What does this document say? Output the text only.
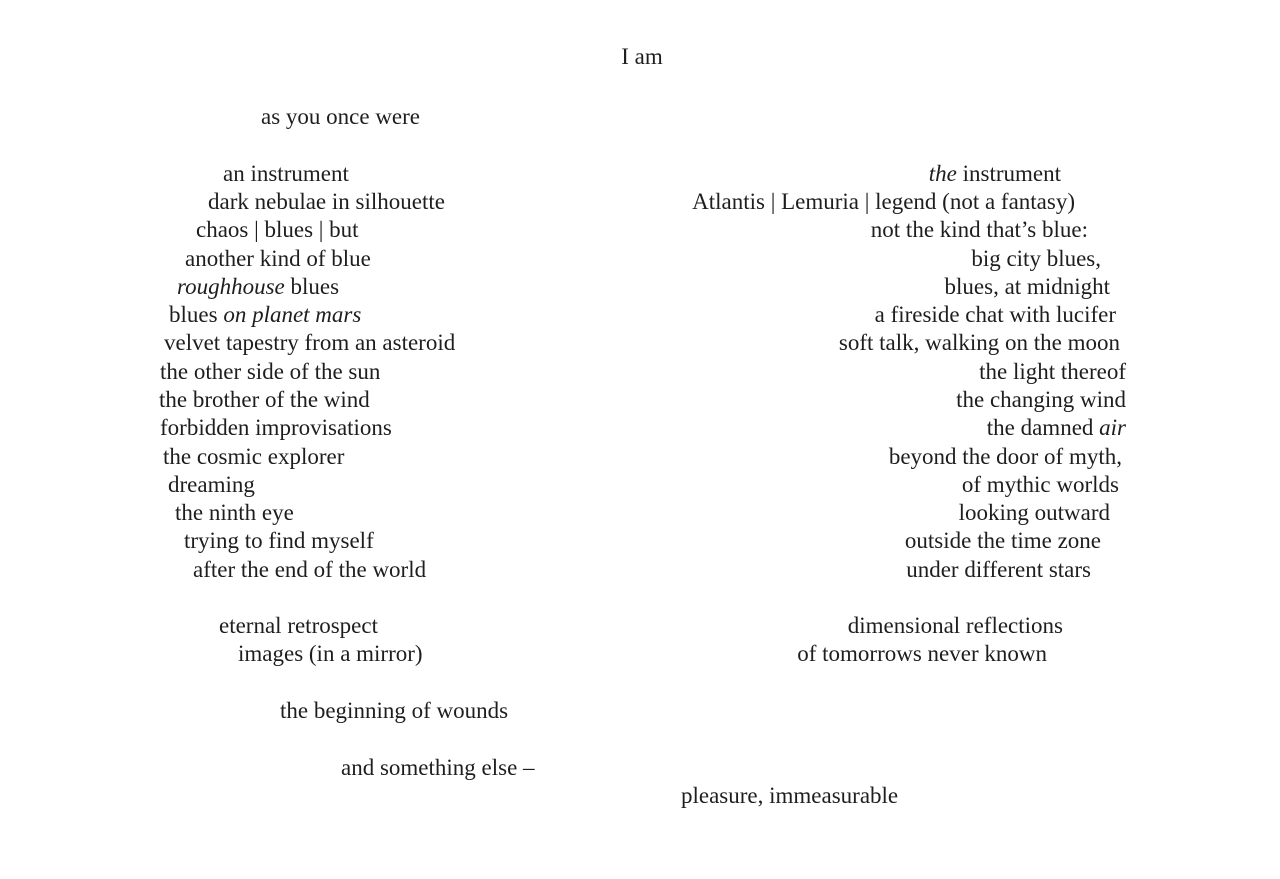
I am

as you once were

an instrument

dark nebulae in silhouette

chaos | blues | but

another kind of blue

roughhouse blues

blues on planet mars

velvet tapestry from an asteroid

the other side of the sun

the brother of the wind

forbidden improvisations

the cosmic explorer

dreaming

the ninth eye

trying to find myself

after the end of the world

eternal retrospect

images (in a mirror)

the beginning of wounds

and something else –

the instrument

Atlantis | Lemuria | legend (not a fantasy)

not the kind that’s blue:

big city blues,

blues, at midnight

a fireside chat with lucifer

soft talk, walking on the moon

the light thereof

the changing wind

the damned air

beyond the door of myth,

of mythic worlds

looking outward

outside the time zone

under different stars

dimensional reflections

of tomorrows never known

pleasure, immeasurable
